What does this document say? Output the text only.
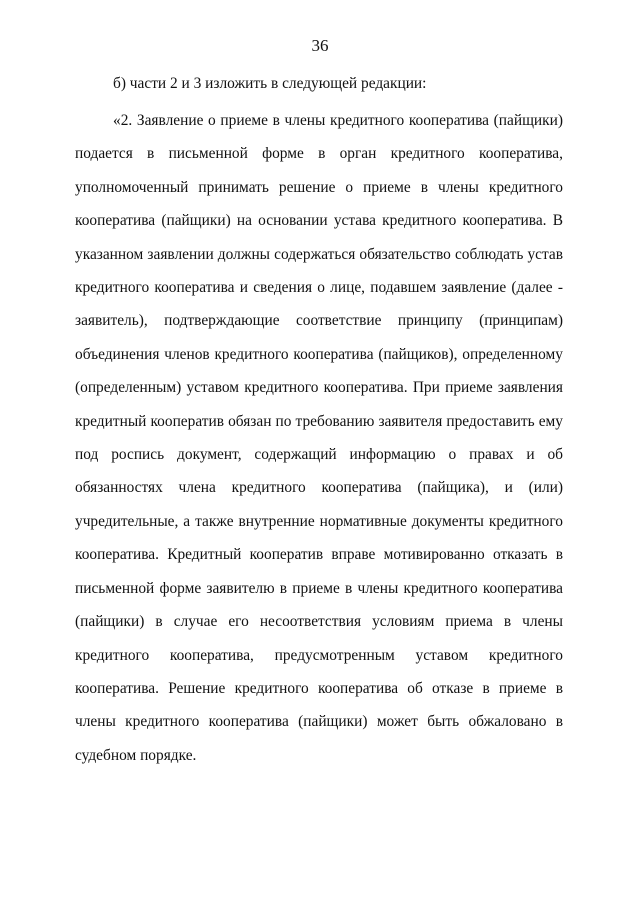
36
б) части 2 и 3 изложить в следующей редакции:
«2. Заявление о приеме в члены кредитного кооператива (пайщики) подается в письменной форме в орган кредитного кооператива, уполномоченный принимать решение о приеме в члены кредитного кооператива (пайщики) на основании устава кредитного кооператива. В указанном заявлении должны содержаться обязательство соблюдать устав кредитного кооператива и сведения о лице, подавшем заявление (далее - заявитель), подтверждающие соответствие принципу (принципам) объединения членов кредитного кооператива (пайщиков), определенному (определенным) уставом кредитного кооператива. При приеме заявления кредитный кооператив обязан по требованию заявителя предоставить ему под роспись документ, содержащий информацию о правах и об обязанностях члена кредитного кооператива (пайщика), и (или) учредительные, а также внутренние нормативные документы кредитного кооператива. Кредитный кооператив вправе мотивированно отказать в письменной форме заявителю в приеме в члены кредитного кооператива (пайщики) в случае его несоответствия условиям приема в члены кредитного кооператива, предусмотренным уставом кредитного кооператива. Решение кредитного кооператива об отказе в приеме в члены кредитного кооператива (пайщики) может быть обжаловано в судебном порядке.
